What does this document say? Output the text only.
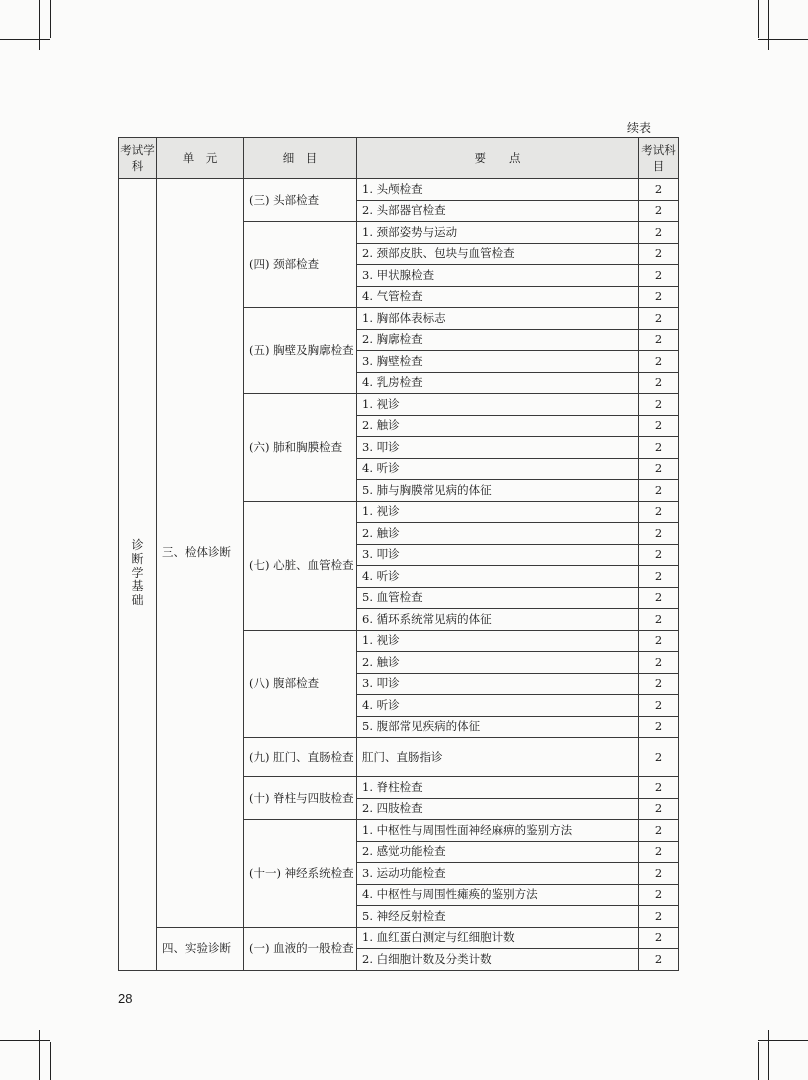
续表
考试学科	单　元	细　目	要　　点	考试科目
诊断学基础	三、检体诊断	(三) 头部检查	1. 头颅检查	2
			2. 头部器官检查	2
		(四) 颈部检查	1. 颈部姿势与运动	2
			2. 颈部皮肤、包块与血管检查	2
			3. 甲状腺检查	2
			4. 气管检查	2
		(五) 胸壁及胸廓检查	1. 胸部体表标志	2
			2. 胸廓检查	2
			3. 胸壁检查	2
			4. 乳房检查	2
		(六) 肺和胸膜检查	1. 视诊	2
			2. 触诊	2
			3. 叩诊	2
			4. 听诊	2
			5. 肺与胸膜常见病的体征	2
		(七) 心脏、血管检查	1. 视诊	2
			2. 触诊	2
			3. 叩诊	2
			4. 听诊	2
			5. 血管检查	2
			6. 循环系统常见病的体征	2
		(八) 腹部检查	1. 视诊	2
			2. 触诊	2
			3. 叩诊	2
			4. 听诊	2
			5. 腹部常见疾病的体征	2
		(九) 肛门、直肠检查	肛门、直肠指诊	2
		(十) 脊柱与四肢检查	1. 脊柱检查	2
			2. 四肢检查	2
		(十一) 神经系统检查	1. 中枢性与周围性面神经麻痹的鉴别方法	2
			2. 感觉功能检查	2
			3. 运动功能检查	2
			4. 中枢性与周围性瘫痪的鉴别方法	2
			5. 神经反射检查	2
	四、实验诊断	(一) 血液的一般检查	1. 血红蛋白测定与红细胞计数	2
			2. 白细胞计数及分类计数	2
28
